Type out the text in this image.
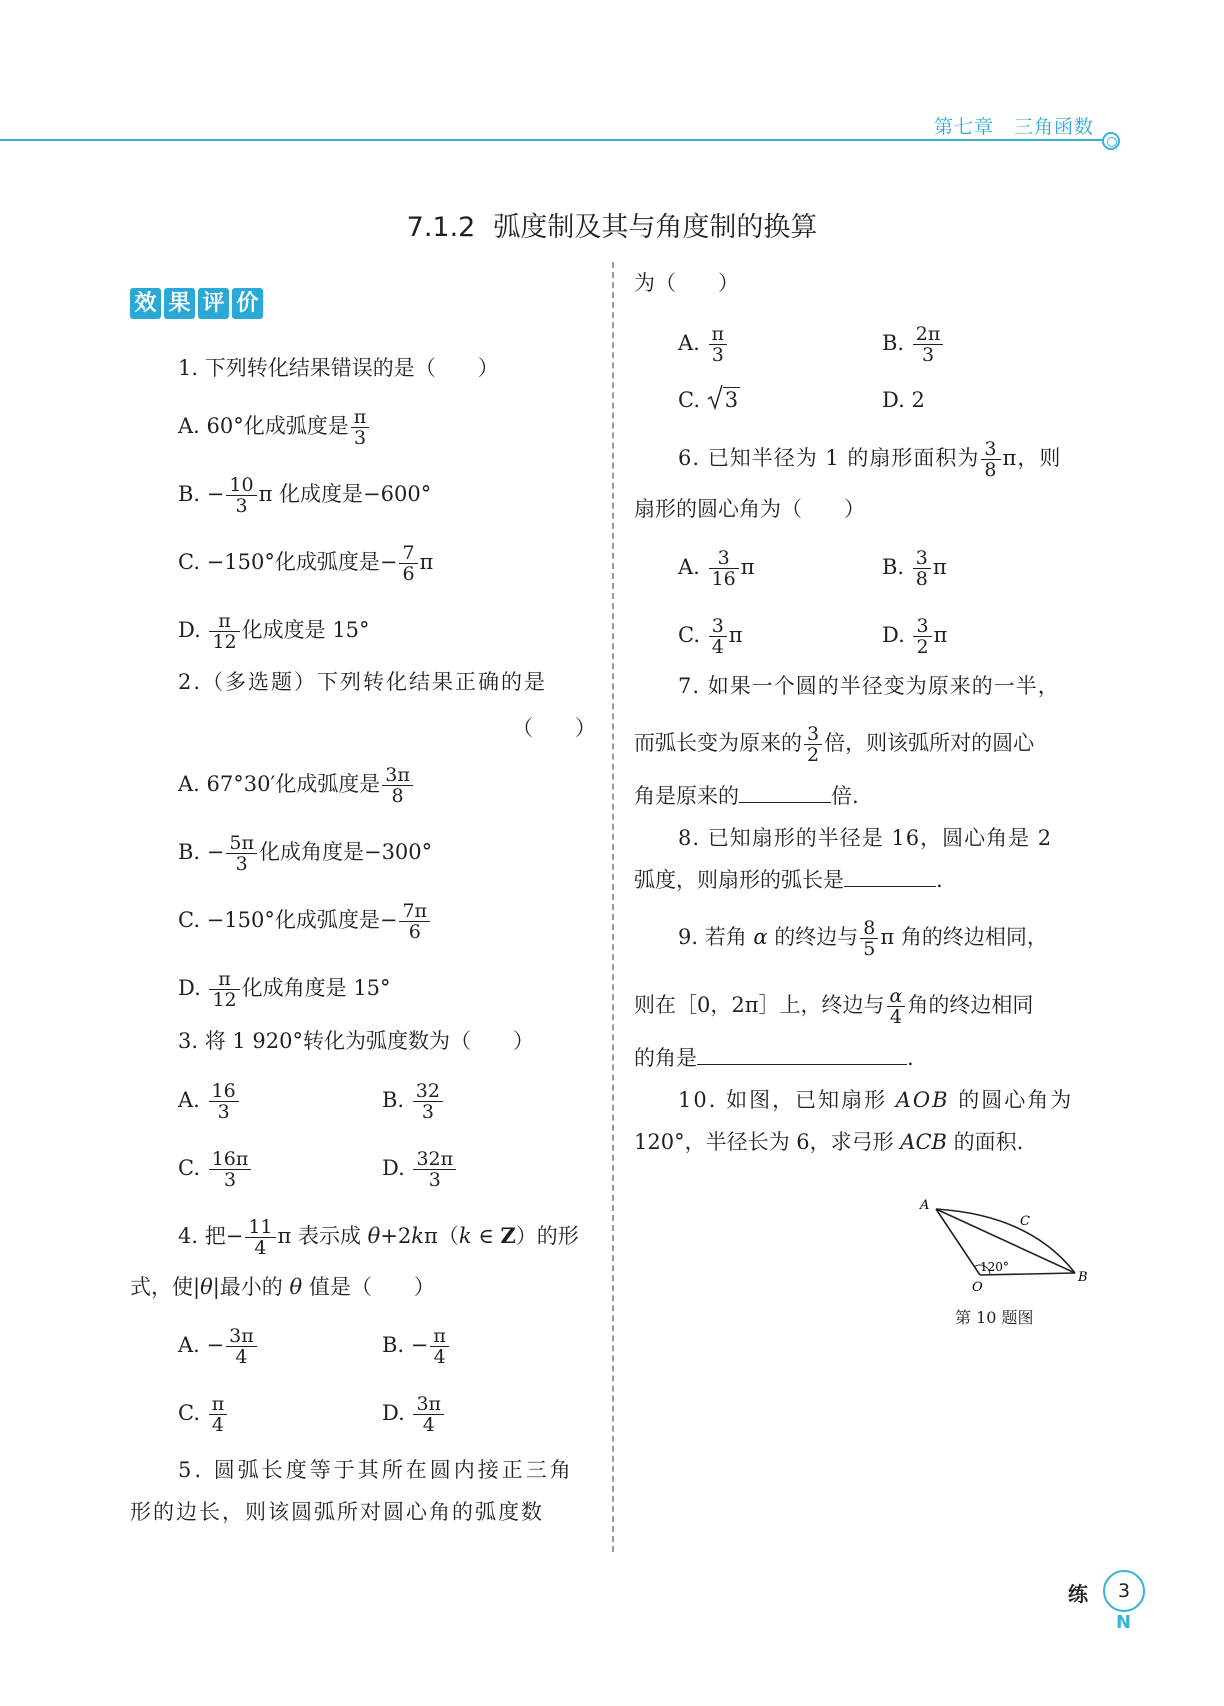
第七章　 三角函数
7.1.2 弧度制及其与角度制的换算
效 果 评 价
1. 下列转化结果错误的是（　　）
A. 60°化成弧度是 $\frac{\pi}{3}$
B. − $\frac{10}{3}$ π 化成度是−600°
C. −150°化成弧度是− $\frac{7}{6}$ π
D. $\frac{\pi}{12}$ 化成度是 15°
2.（多选题）下列转化结果正确的是
（　　）
A. 67°30′化成弧度是 $\frac{3\pi}{8}$
B. − $\frac{5\pi}{3}$ 化成角度是−300°
C. −150°化成弧度是− $\frac{7\pi}{6}$
D. $\frac{\pi}{12}$ 化成角度是 15°
3. 将 1 920°转化为弧度数为（　　）
A. $\frac{16}{3}$	B. $\frac{32}{3}$
C. $\frac{16\pi}{3}$	D. $\frac{32\pi}{3}$
4. 把− $\frac{11}{4}$ π 表示成 θ+2kπ（k ∈ Z）的形
式，使|θ|最小的 θ 值是（　　）
A. − $\frac{3\pi}{4}$	B. − $\frac{\pi}{4}$
C. $\frac{\pi}{4}$	D. $\frac{3\pi}{4}$
5. 圆弧长度等于其所在圆内接正三角
形的边长，则该圆弧所对圆心角的弧度数
为（　　）
A. $\frac{\pi}{3}$	B. $\frac{2\pi}{3}$
C. 3	D. 2
6. 已知半径为 1 的扇形面积为 $\frac{3}{8}$ π，则
扇形的圆心角为（　　）
A. $\frac{3}{16}$ π	B. $\frac{3}{8}$ π
C. $\frac{3}{4}$ π	D. $\frac{3}{2}$ π
7. 如果一个圆的半径变为原来的一半，
而弧长变为原来的 $\frac{3}{2}$ 倍，则该弧所对的圆心
角是原来的	倍.
8. 已知扇形的半径是 16，圆心角是 2
弧度，则扇形的弧长是	.
9. 若角 α 的终边与 $\frac{8}{5}$ π 角的终边相同，
则在［0，2π］上，终边与 $\frac{\alpha}{4}$ 角的终边相同
的角是	.
10. 如图，已知扇形 AOB 的圆心角为
120°，半径长为 6，求弓形 ACB 的面积.
A
C
B
O
120°
第 10 题图
练	3
N
